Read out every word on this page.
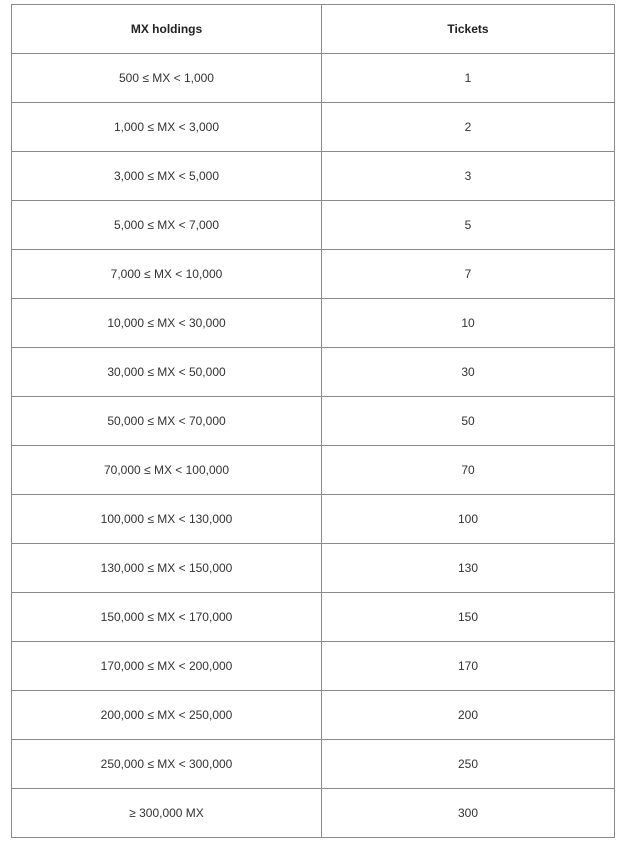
MX holdings	Tickets
500 ≤ MX < 1,000	1
1,000 ≤ MX < 3,000	2
3,000 ≤ MX < 5,000	3
5,000 ≤ MX < 7,000	5
7,000 ≤ MX < 10,000	7
10,000 ≤ MX < 30,000	10
30,000 ≤ MX < 50,000	30
50,000 ≤ MX < 70,000	50
70,000 ≤ MX < 100,000	70
100,000 ≤ MX < 130,000	100
130,000 ≤ MX < 150,000	130
150,000 ≤ MX < 170,000	150
170,000 ≤ MX < 200,000	170
200,000 ≤ MX < 250,000	200
250,000 ≤ MX < 300,000	250
≥ 300,000 MX	300
